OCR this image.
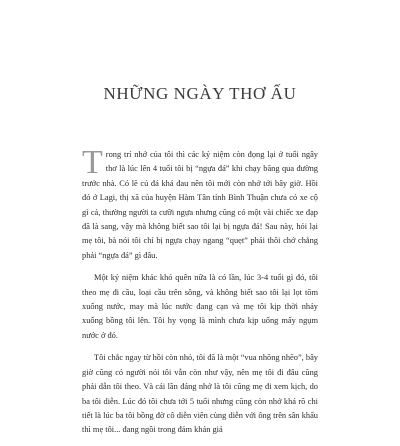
NHỮNG NGÀY THƠ ẤU

Trong trí nhớ của tôi thì các kỷ niệm còn đọng lại ở tuổi ngây thơ là lúc lên 4 tuổi tôi bị “ngựa đá” khi chạy băng qua đường trước nhà. Có lẽ cú đá khá đau nên tôi mới còn nhớ tới bây giờ. Hồi đó ở Lagi, thị xã của huyện Hàm Tân tỉnh Bình Thuận chưa có xe cộ gì cả, thường người ta cưỡi ngựa nhưng cũng có một vài chiếc xe đạp đã là sang, vậy mà không biết sao tôi lại bị ngựa đá! Sau này, hỏi lại mẹ tôi, bà nói tôi chỉ bị ngựa chạy ngang “quẹt” phải thôi chớ chẳng phải “ngựa đá” gì đâu.

Một kỷ niệm khác khó quên nữa là có lần, lúc 3-4 tuổi gì đó, tôi theo mẹ đi cầu, loại cầu trên sông, và không biết sao tôi lại lọt tõm xuống nước, may mà lúc nước đang cạn và mẹ tôi kịp thời nhảy xuống bồng tôi lên. Tôi hy vọng là mình chưa kịp uống mấy ngụm nước ở đó.

Tôi chắc ngay từ hồi còn nhỏ, tôi đã là một “vua nhõng nhẽo”, bây giờ cũng có người nói tôi vẫn còn như vậy, nên mẹ tôi đi đâu cũng phải dẫn tôi theo. Và cái lần đáng nhớ là tôi cũng mẹ đi xem kịch, do ba tôi diễn. Lúc đó tôi chưa tới 5 tuổi nhưng cũng còn nhớ khá rõ chi tiết là lúc ba tôi bồng đờ cô diễn viên cùng diễn với ông trên sân khấu thì mẹ tôi... đang ngồi trong đám khán giả
